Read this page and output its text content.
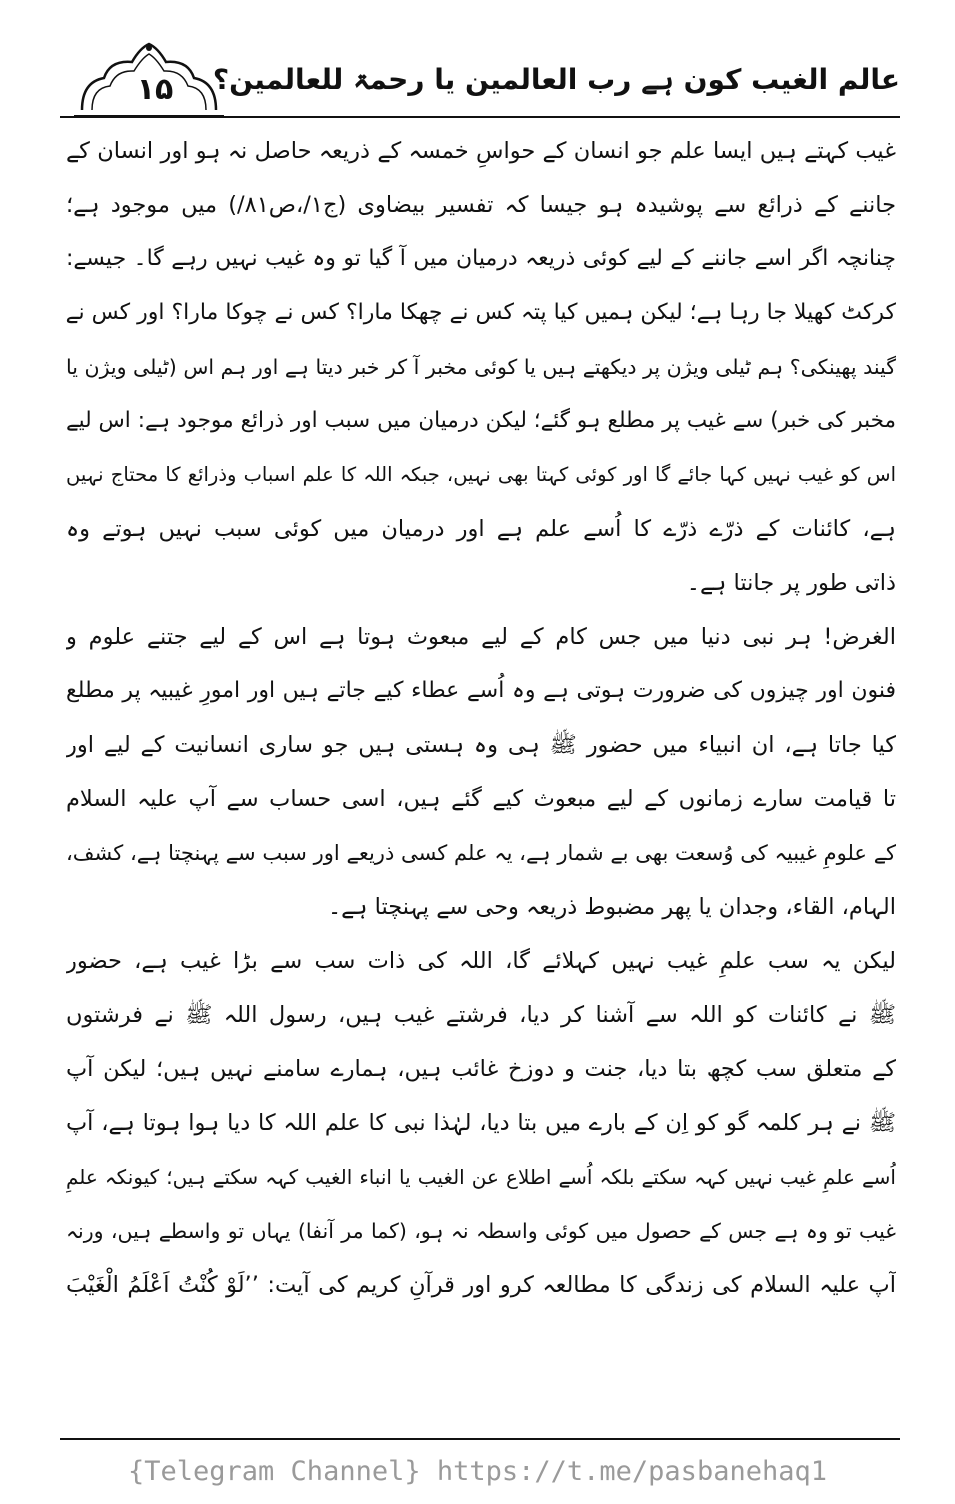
۱۵	عالم الغیب کون ہے رب العالمین یا رحمۃ للعالمین؟
غیب کہتے ہیں ایسا علم جو انسان کے حواسِ خمسہ کے ذریعہ حاصل نہ ہو اور انسان کے
جاننے کے ذرائع سے پوشیدہ ہو جیسا کہ تفسیر بیضاوی (ج۱/،ص۸۱/) میں موجود ہے؛
چنانچہ اگر اسے جاننے کے لیے کوئی ذریعہ درمیان میں آ گیا تو وہ غیب نہیں رہے گا۔ جیسے:
کرکٹ کھیلا جا رہا ہے؛ لیکن ہمیں کیا پتہ کس نے چھکا مارا؟ کس نے چوکا مارا؟ اور کس نے
گیند پھینکی؟ ہم ٹیلی ویژن پر دیکھتے ہیں یا کوئی مخبر آ کر خبر دیتا ہے اور ہم اس (ٹیلی ویژن یا
مخبر کی خبر) سے غیب پر مطلع ہو گئے؛ لیکن درمیان میں سبب اور ذرائع موجود ہے: اس لیے
اس کو غیب نہیں کہا جائے گا اور کوئی کہتا بھی نہیں، جبکہ اللہ کا علم اسباب وذرائع کا محتاج نہیں
ہے، کائنات کے ذرّے ذرّے کا اُسے علم ہے اور درمیان میں کوئی سبب نہیں ہوتے وہ
ذاتی طور پر جانتا ہے۔
الغرض! ہر نبی دنیا میں جس کام کے لیے مبعوث ہوتا ہے اس کے لیے جتنے علوم و
فنون اور چیزوں کی ضرورت ہوتی ہے وہ اُسے عطاء کیے جاتے ہیں اور امورِ غیبیہ پر مطلع
کیا جاتا ہے، ان انبیاء میں حضور ﷺ ہی وہ ہستی ہیں جو ساری انسانیت کے لیے اور
تا قیامت سارے زمانوں کے لیے مبعوث کیے گئے ہیں، اسی حساب سے آپ علیہ السلام
کے علومِ غیبیہ کی وُسعت بھی بے شمار ہے، یہ علم کسی ذریعے اور سبب سے پہنچتا ہے، کشف،
الہام، القاء، وجدان یا پھر مضبوط ذریعہ وحی سے پہنچتا ہے۔
لیکن یہ سب علمِ غیب نہیں کہلائے گا، اللہ کی ذات سب سے بڑا غیب ہے، حضور
ﷺ نے کائنات کو اللہ سے آشنا کر دیا، فرشتے غیب ہیں، رسول اللہ ﷺ نے فرشتوں
کے متعلق سب کچھ بتا دیا، جنت و دوزخ غائب ہیں، ہمارے سامنے نہیں ہیں؛ لیکن آپ
ﷺ نے ہر کلمہ گو کو اِن کے بارے میں بتا دیا، لہٰذا نبی کا علم اللہ کا دیا ہوا ہوتا ہے، آپ
اُسے علمِ غیب نہیں کہہ سکتے بلکہ اُسے اطلاع عن الغیب یا انباء الغیب کہہ سکتے ہیں؛ کیونکہ علمِ
غیب تو وہ ہے جس کے حصول میں کوئی واسطہ نہ ہو، (کما مر آنفا) یہاں تو واسطے ہیں، ورنہ
آپ علیہ السلام کی زندگی کا مطالعہ کرو اور قرآنِ کریم کی آیت: ’’لَوْ كُنْتُ اَعْلَمُ الْغَيْبَ
{Telegram Channel} https://t.me/pasbanehaq1
